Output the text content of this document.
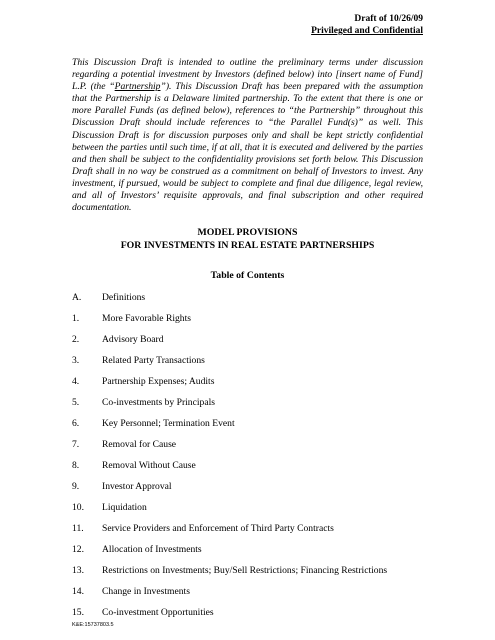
Draft of 10/26/09
Privileged and Confidential
This Discussion Draft is intended to outline the preliminary terms under discussion regarding a potential investment by Investors (defined below) into [insert name of Fund] L.P. (the “Partnership”). This Discussion Draft has been prepared with the assumption that the Partnership is a Delaware limited partnership. To the extent that there is one or more Parallel Funds (as defined below), references to “the Partnership” throughout this Discussion Draft should include references to “the Parallel Fund(s)” as well. This Discussion Draft is for discussion purposes only and shall be kept strictly confidential between the parties until such time, if at all, that it is executed and delivered by the parties and then shall be subject to the confidentiality provisions set forth below. This Discussion Draft shall in no way be construed as a commitment on behalf of Investors to invest. Any investment, if pursued, would be subject to complete and final due diligence, legal review, and all of Investors’ requisite approvals, and final subscription and other required documentation.
MODEL PROVISIONS
FOR INVESTMENTS IN REAL ESTATE PARTNERSHIPS
Table of Contents
A. Definitions
1. More Favorable Rights
2. Advisory Board
3. Related Party Transactions
4. Partnership Expenses; Audits
5. Co-investments by Principals
6. Key Personnel; Termination Event
7. Removal for Cause
8. Removal Without Cause
9. Investor Approval
10. Liquidation
11. Service Providers and Enforcement of Third Party Contracts
12. Allocation of Investments
13. Restrictions on Investments; Buy/Sell Restrictions; Financing Restrictions
14. Change in Investments
15. Co-investment Opportunities
K&E:15737803.5
